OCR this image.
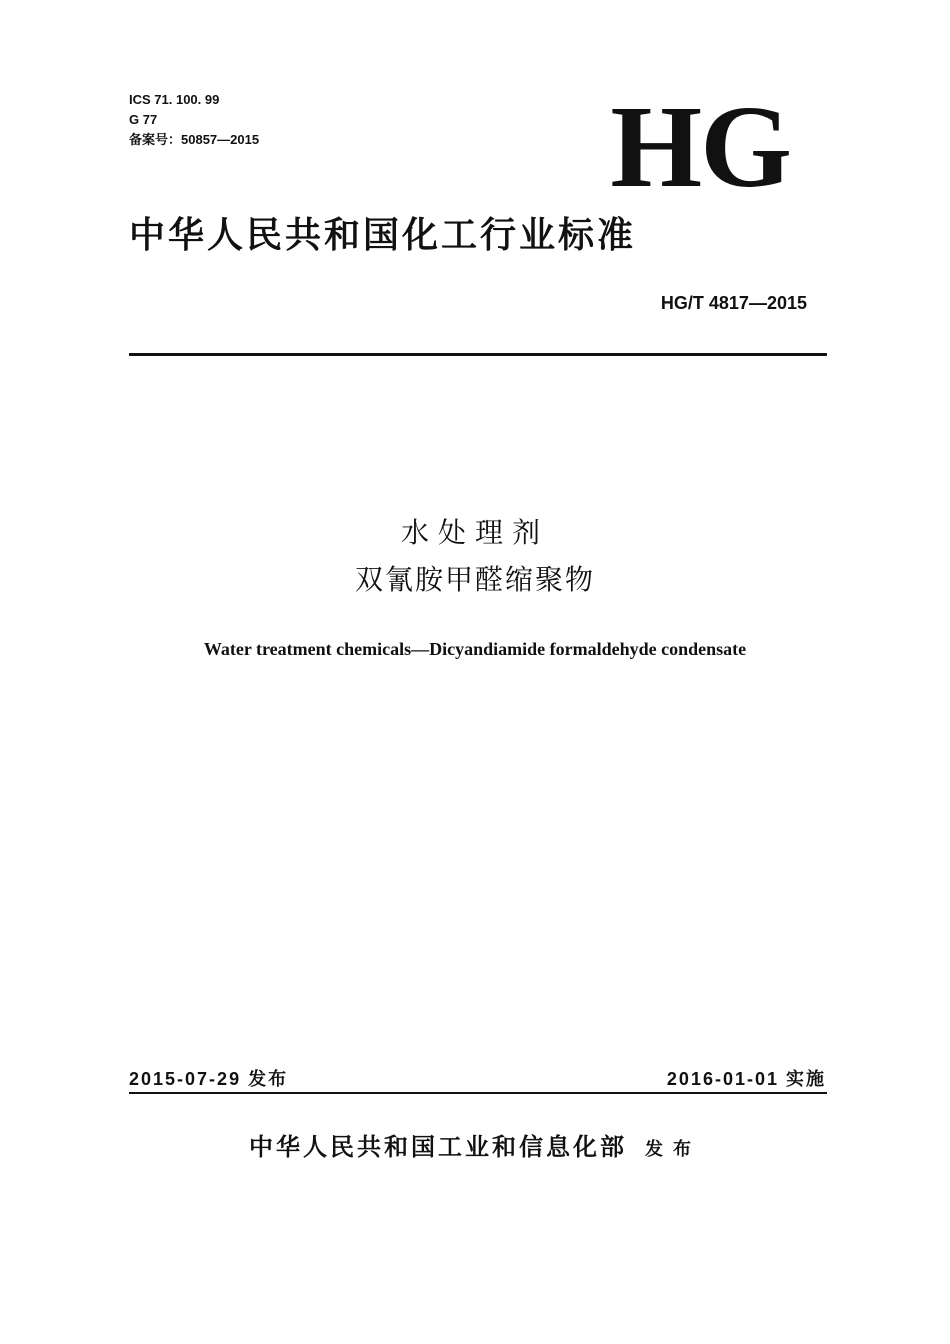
ICS 71. 100. 99
G 77
备案号：50857—2015	HG
中华人民共和国化工行业标准
HG/T 4817—2015
水处理剂
双氰胺甲醛缩聚物
Water treatment chemicals—Dicyandiamide formaldehyde condensate
2015-07-29 发布	2016-01-01 实施
中华人民共和国工业和信息化部 发布
